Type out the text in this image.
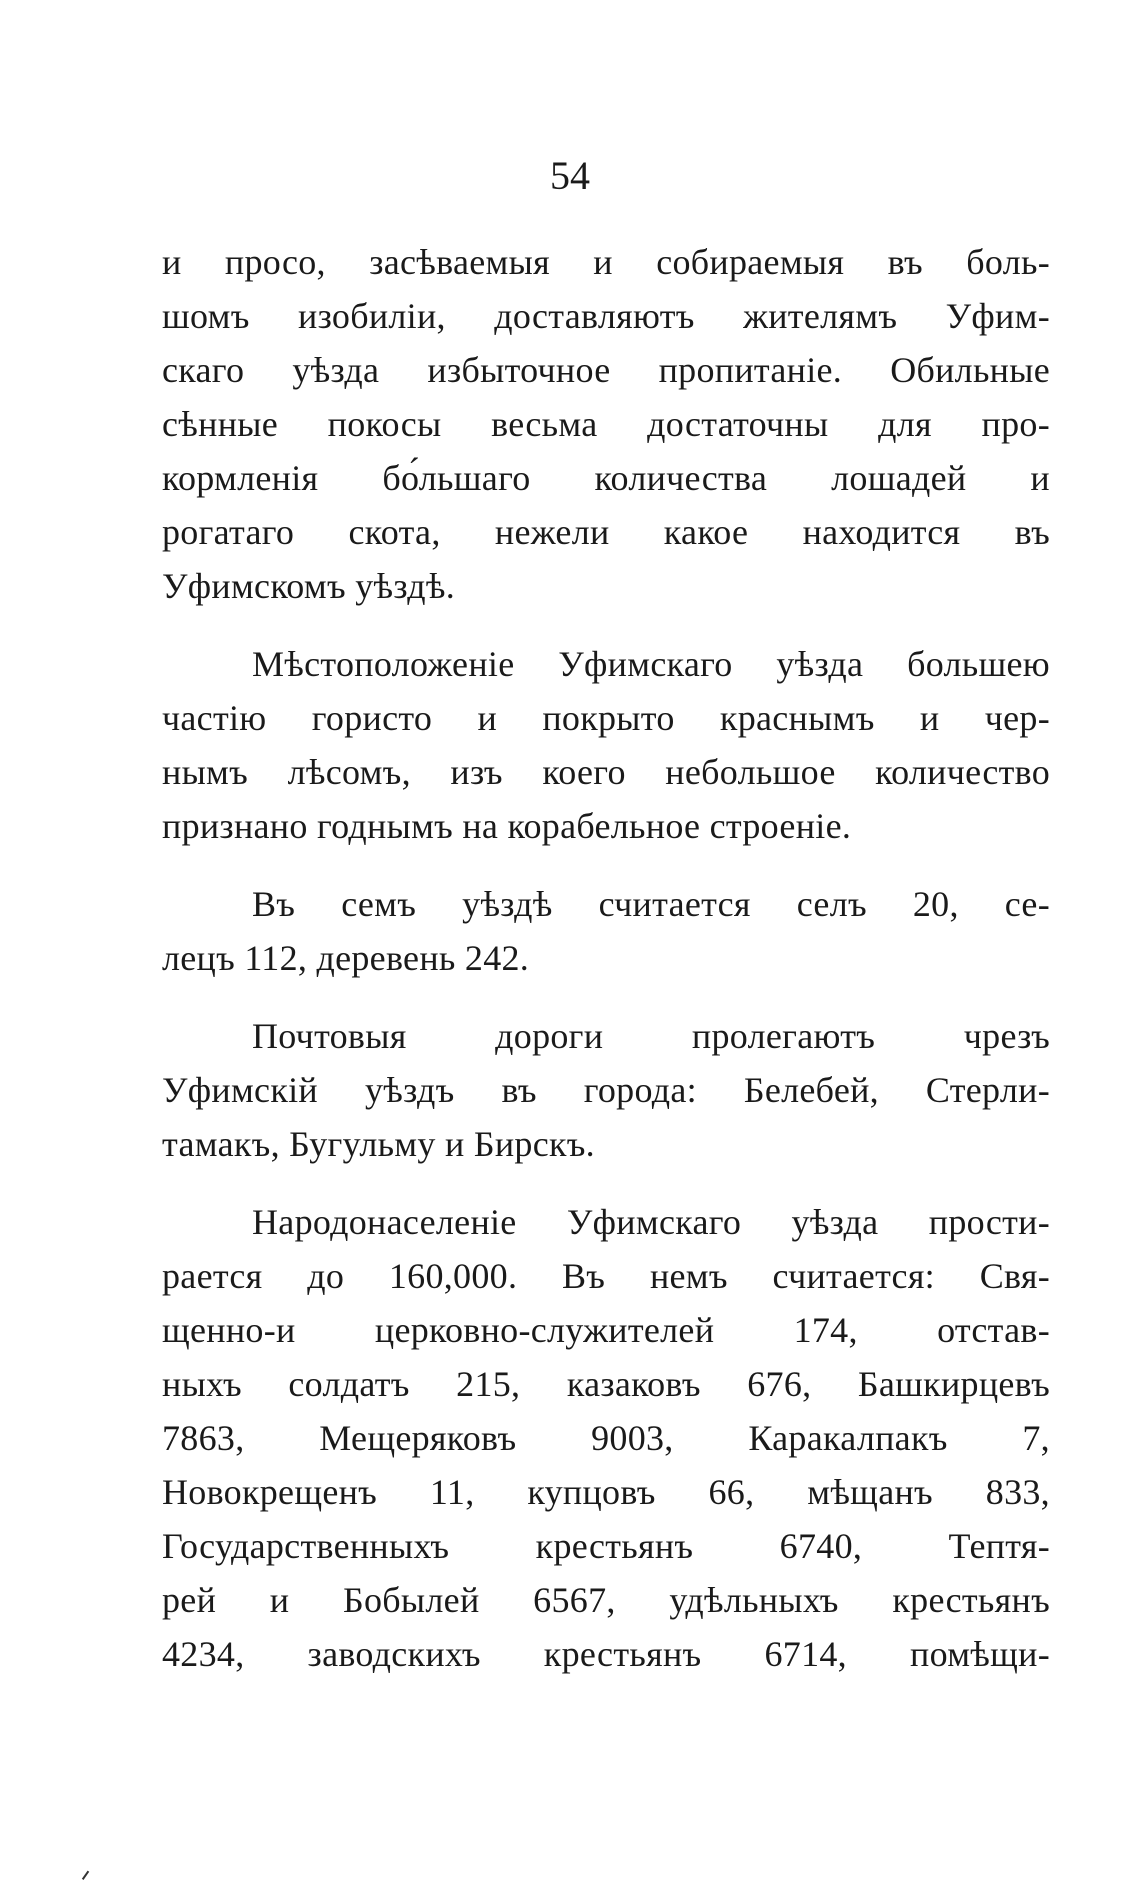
54
и просо, засѣваемыя и собираемыя въ боль-
шомъ изобиліи, доставляютъ жителямъ Уфим-
скаго уѣзда избыточное пропитаніе. Обильные
сѣнные покосы весьма достаточны для про-
кормленія бо́льшаго количества лошадей и
рогатаго скота, нежели какое находится въ
Уфимскомъ уѣздѣ.
Мѣстоположеніе Уфимскаго уѣзда большею
частію гористо и покрыто краснымъ и чер-
нымъ лѣсомъ, изъ коего небольшое количество
признано годнымъ на корабельное строеніе.
Въ семъ уѣздѣ считается селъ 20, се-
лецъ 112, деревень 242.
Почтовыя дороги пролегаютъ чрезъ
Уфимскій уѣздъ въ города: Белебей, Стерли-
тамакъ, Бугульму и Бирскъ.
Народонаселеніе Уфимскаго уѣзда прости-
рается до 160,000. Въ немъ считается: Свя-
щенно-и церковно-служителей 174, отстав-
ныхъ солдатъ 215, казаковъ 676, Башкирцевъ
7863, Мещеряковъ 9003, Каракалпакъ 7,
Новокрещенъ 11, купцовъ 66, мѣщанъ 833,
Государственныхъ крестьянъ 6740, Тептя-
рей и Бобылей 6567, удѣльныхъ крестьянъ
4234, заводскихъ крестьянъ 6714, помѣщи-
